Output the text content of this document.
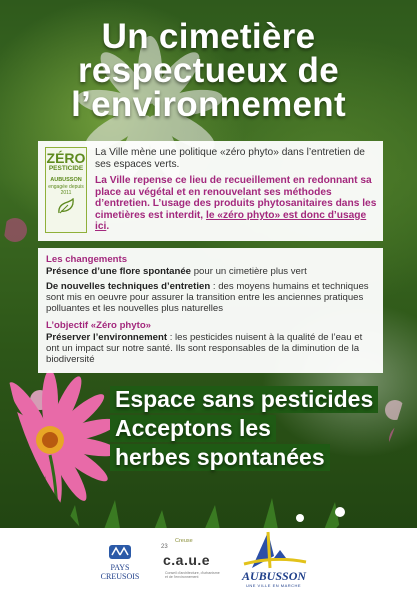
Un cimetière
respectueux de
l’environnement
ZÉRO
PESTICIDE
AUBUSSON
engagée depuis 2011
La Ville mène une politique «zéro phyto» dans l’entretien de ses espaces verts.
La Ville repense ce lieu de recueillement en redonnant sa place au végétal et en renouvelant ses méthodes d’entretien. L’usage des produits phytosanitaires dans les cimetières est interdit, le «zéro phyto» est donc d’usage ici.
Les changements
Présence d’une flore spontanée pour un cimetière plus vert
De nouvelles techniques d’entretien : des moyens humains et techniques sont mis en oeuvre pour assurer la transition entre les anciennes pratiques polluantes et les nouvelles plus naturelles
L’objectif «Zéro phyto»
Préserver l’environnement : les pesticides nuisent à la qualité de l’eau et ont un impact sur notre santé. Ils sont responsables de la diminution de la biodiversité
Espace sans pesticides
Acceptons les
herbes spontanées
PAYS CREUSOIS
23
Creuse
c.a.u.e
Conseil d’architecture, d’urbanisme et de l’environnement	AUBUSSON
UNE VILLE EN MARCHE
